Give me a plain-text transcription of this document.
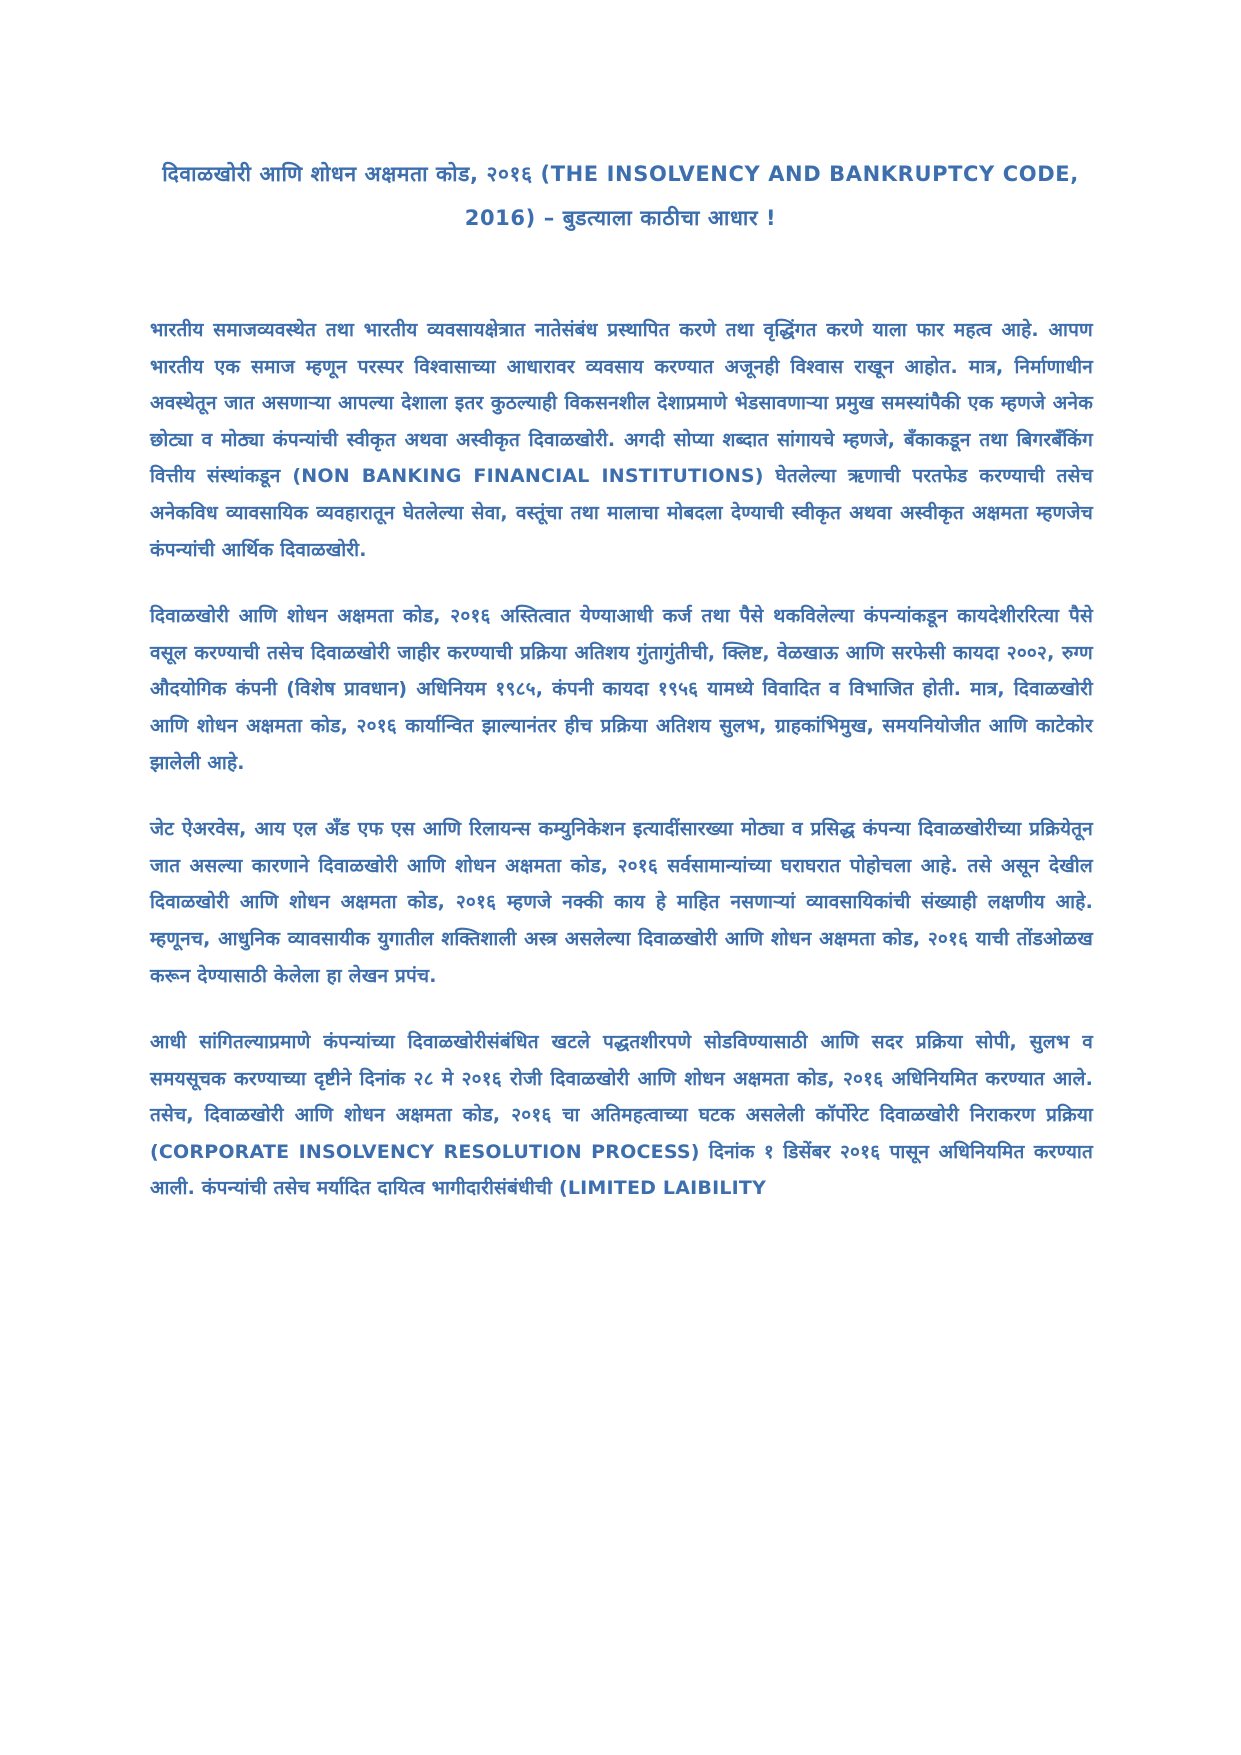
दिवाळखोरी आणि शोधन अक्षमता कोड, २०१६ (THE INSOLVENCY AND BANKRUPTCY CODE, 2016) – बुडत्याला काठीचा आधार !

भारतीय समाजव्यवस्थेत तथा भारतीय व्यवसायक्षेत्रात नातेसंबंध प्रस्थापित करणे तथा वृद्धिंगत करणे याला फार महत्व आहे. आपण भारतीय एक समाज म्हणून परस्पर विश्वासाच्या आधारावर व्यवसाय करण्यात अजूनही विश्वास राखून आहोत. मात्र, निर्माणाधीन अवस्थेतून जात असणाऱ्या आपल्या देशाला इतर कुठल्याही विकसनशील देशाप्रमाणे भेडसावणाऱ्या प्रमुख समस्यांपैकी एक म्हणजे अनेक छोट्या व मोठ्या कंपन्यांची स्वीकृत अथवा अस्वीकृत दिवाळखोरी. अगदी सोप्या शब्दात सांगायचे म्हणजे, बँकाकडून तथा बिगरबँकिंग वित्तीय संस्थांकडून (NON BANKING FINANCIAL INSTITUTIONS) घेतलेल्या ऋणाची परतफेड करण्याची तसेच अनेकविध व्यावसायिक व्यवहारातून घेतलेल्या सेवा, वस्तूंचा तथा मालाचा मोबदला देण्याची स्वीकृत अथवा अस्वीकृत अक्षमता म्हणजेच कंपन्यांची आर्थिक दिवाळखोरी.

दिवाळखोरी आणि शोधन अक्षमता कोड, २०१६ अस्तित्वात येण्याआधी कर्ज तथा पैसे थकविलेल्या कंपन्यांकडून कायदेशीररित्या पैसे वसूल करण्याची तसेच दिवाळखोरी जाहीर करण्याची प्रक्रिया अतिशय गुंतागुंतीची, क्लिष्ट, वेळखाऊ आणि सरफेसी कायदा २००२, रुग्ण औदयोगिक कंपनी (विशेष प्रावधान) अधिनियम १९८५, कंपनी कायदा १९५६ यामध्ये विवादित व विभाजित होती. मात्र, दिवाळखोरी आणि शोधन अक्षमता कोड, २०१६ कार्यान्वित झाल्यानंतर हीच प्रक्रिया अतिशय सुलभ, ग्राहकांभिमुख, समयनियोजीत आणि काटेकोर झालेली आहे.

जेट ऐअरवेस, आय एल अँड एफ एस आणि रिलायन्स कम्युनिकेशन इत्यादींसारख्या मोठ्या व प्रसिद्ध कंपन्या दिवाळखोरीच्या प्रक्रियेतून जात असल्या कारणाने दिवाळखोरी आणि शोधन अक्षमता कोड, २०१६ सर्वसामान्यांच्या घराघरात पोहोचला आहे. तसे असून देखील दिवाळखोरी आणि शोधन अक्षमता कोड, २०१६ म्हणजे नक्की काय हे माहित नसणाऱ्यां व्यावसायिकांची संख्याही लक्षणीय आहे. म्हणूनच, आधुनिक व्यावसायीक युगातील शक्तिशाली अस्त्र असलेल्या दिवाळखोरी आणि शोधन अक्षमता कोड, २०१६ याची तोंडओळख करून देण्यासाठी केलेला हा लेखन प्रपंच.

आधी सांगितल्याप्रमाणे कंपन्यांच्या दिवाळखोरीसंबंधित खटले पद्धतशीरपणे सोडविण्यासाठी आणि सदर प्रक्रिया सोपी, सुलभ व समयसूचक करण्याच्या दृष्टीने दिनांक २८ मे २०१६ रोजी दिवाळखोरी आणि शोधन अक्षमता कोड, २०१६ अधिनियमित करण्यात आले. तसेच, दिवाळखोरी आणि शोधन अक्षमता कोड, २०१६ चा अतिमहत्वाच्या घटक असलेली कॉर्पोरेट दिवाळखोरी निराकरण प्रक्रिया (CORPORATE INSOLVENCY RESOLUTION PROCESS) दिनांक १ डिसेंबर २०१६ पासून अधिनियमित करण्यात आली. कंपन्यांची तसेच मर्यादित दायित्व भागीदारीसंबंधीची (LIMITED LAIBILITY
